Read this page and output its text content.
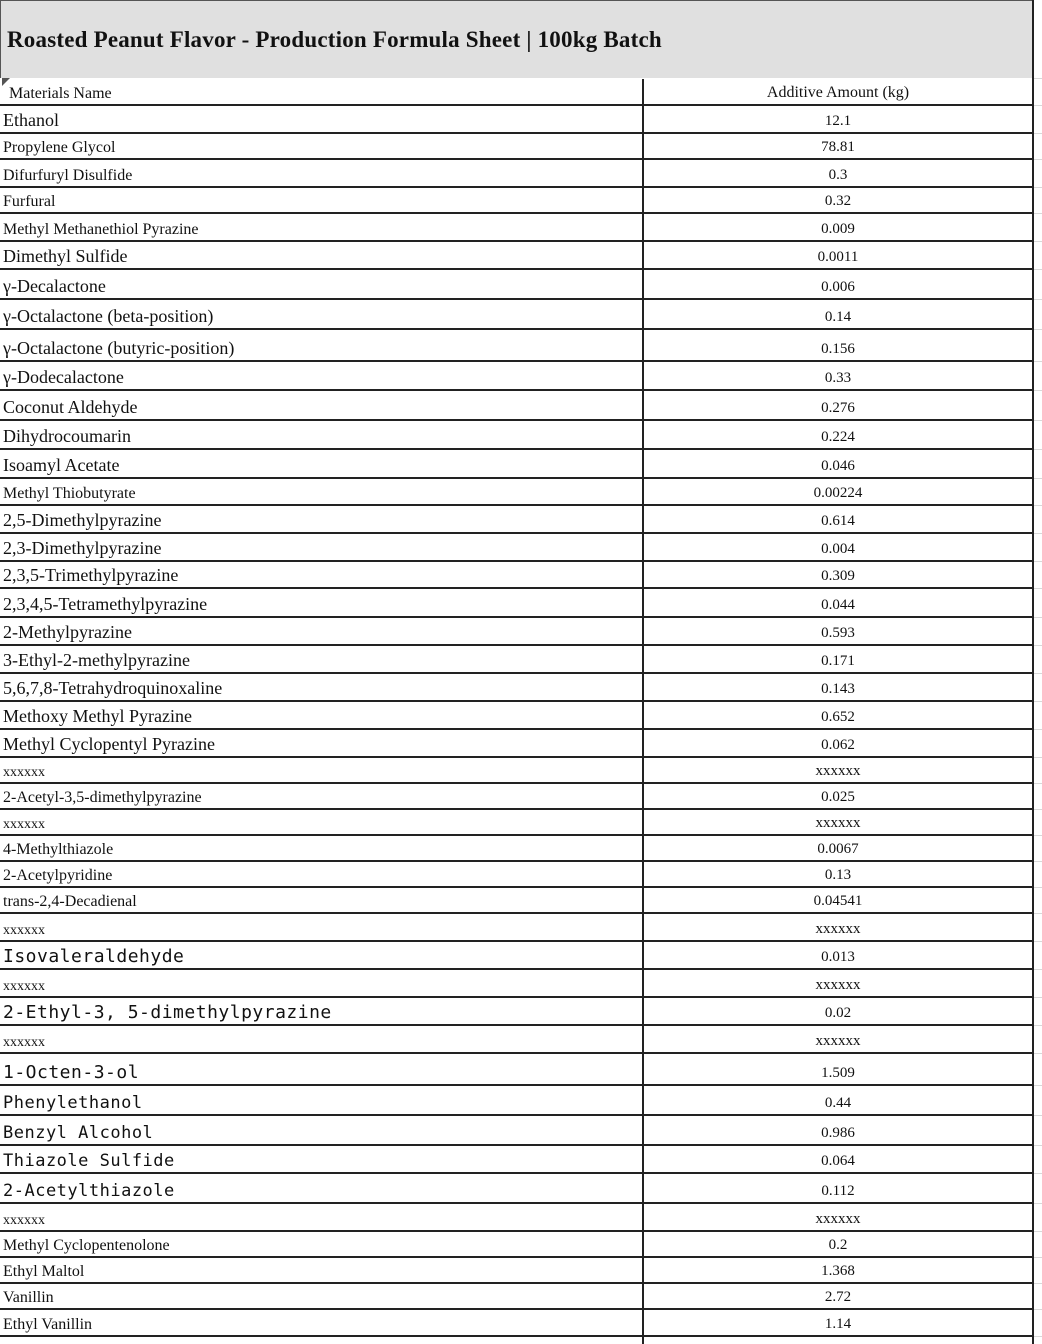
Roasted Peanut Flavor - Production Formula Sheet | 100kg Batch
Materials Name	Additive Amount (kg)
Ethanol	12.1
Propylene Glycol	78.81
Difurfuryl Disulfide	0.3
Furfural	0.32
Methyl Methanethiol Pyrazine	0.009
Dimethyl Sulfide	0.0011
γ-Decalactone	0.006
γ-Octalactone (beta-position)	0.14
γ-Octalactone (butyric-position)	0.156
γ-Dodecalactone	0.33
Coconut Aldehyde	0.276
Dihydrocoumarin	0.224
Isoamyl Acetate	0.046
Methyl Thiobutyrate	0.00224
2,5-Dimethylpyrazine	0.614
2,3-Dimethylpyrazine	0.004
2,3,5-Trimethylpyrazine	0.309
2,3,4,5-Tetramethylpyrazine	0.044
2-Methylpyrazine	0.593
3-Ethyl-2-methylpyrazine	0.171
5,6,7,8-Tetrahydroquinoxaline	0.143
Methoxy Methyl Pyrazine	0.652
Methyl Cyclopentyl Pyrazine	0.062
xxxxxx	xxxxxx
2-Acetyl-3,5-dimethylpyrazine	0.025
xxxxxx	xxxxxx
4-Methylthiazole	0.0067
2-Acetylpyridine	0.13
trans-2,4-Decadienal	0.04541
xxxxxx	xxxxxx
Isovaleraldehyde	0.013
xxxxxx	xxxxxx
2-Ethyl-3, 5-dimethylpyrazine	0.02
xxxxxx	xxxxxx
1-Octen-3-ol	1.509
Phenylethanol	0.44
Benzyl Alcohol	0.986
Thiazole Sulfide	0.064
2-Acetylthiazole	0.112
xxxxxx	xxxxxx
Methyl Cyclopentenolone	0.2
Ethyl Maltol	1.368
Vanillin	2.72
Ethyl Vanillin	1.14
